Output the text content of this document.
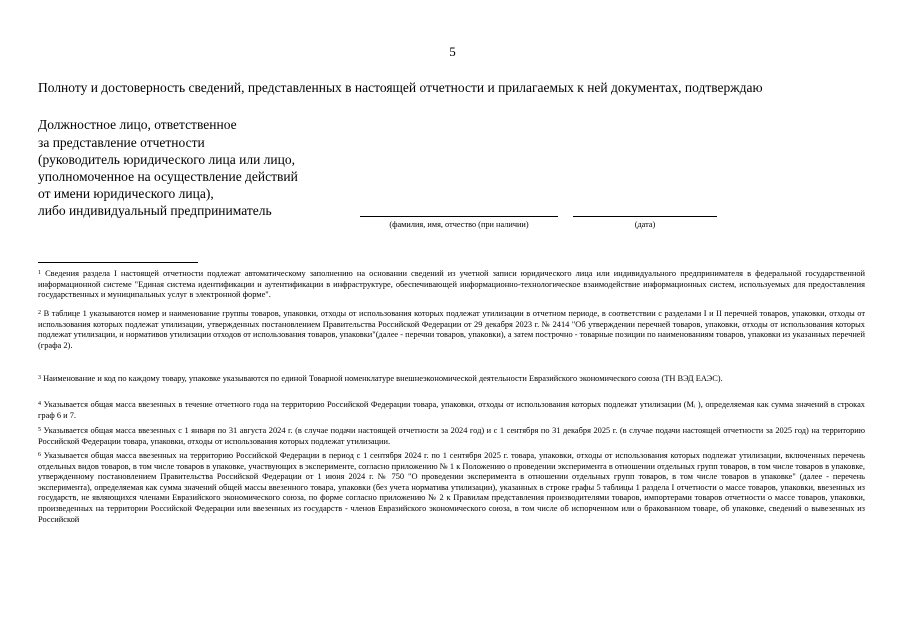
5
Полноту и достоверность сведений, представленных в настоящей отчетности и прилагаемых к ней документах, подтверждаю
Должностное лицо, ответственное
за представление отчетности
(руководитель юридического лица или лицо,
уполномоченное на осуществление действий
от имени юридического лица),
либо индивидуальный предприниматель
(фамилия, имя, отчество (при наличии)	(дата)
$^1$ Сведения раздела I настоящей отчетности подлежат автоматическому заполнению на основании сведений из учетной записи юридического лица или индивидуального предпринимателя в федеральной государственной информационной системе "Единая система идентификации и аутентификации в инфраструктуре, обеспечивающей информационно-технологическое взаимодействие информационных систем, используемых для предоставления государственных и муниципальных услуг в электронной форме".
$^2$ В таблице 1 указываются номер и наименование группы товаров, упаковки, отходы от использования которых подлежат утилизации в отчетном периоде, в соответствии с разделами I и II перечней товаров, упаковки, отходы от использования которых подлежат утилизации, утвержденных постановлением Правительства Российской Федерации от 29 декабря 2023 г. № 2414 "Об утверждении перечней товаров, упаковки, отходы от использования которых подлежат утилизации, и нормативов утилизации отходов от использования товаров, упаковки"(далее - перечни товаров, упаковки), а затем построчно - товарные позиции по наименованиям товаров, упаковки из указанных перечней (графа 2).
$^3$ Наименование и код по каждому товару, упаковке указываются по единой Товарной номенклатуре внешнеэкономической деятельности Евразийского экономического союза (ТН ВЭД ЕАЭС).
$^4$ Указывается общая масса ввезенных в течение отчетного года на территорию Российской Федерации товара, упаковки, отходы от использования которых подлежат утилизации (Mᵢ ), определяемая как сумма значений в строках граф 6 и 7.
$^5$ Указывается общая масса ввезенных с 1 января по 31 августа 2024 г. (в случае подачи настоящей отчетности за 2024 год) и с 1 сентября по 31 декабря 2025 г. (в случае подачи настоящей отчетности за 2025 год) на территорию Российской Федерации товара, упаковки, отходы от использования которых подлежат утилизации.
$^6$ Указывается общая масса ввезенных на территорию Российской Федерации в период с 1 сентября 2024 г. по 1 сентября 2025 г. товара, упаковки, отходы от использования которых подлежат утилизации, включенных перечень отдельных видов товаров, в том числе товаров в упаковке, участвующих в эксперименте, согласно приложению № 1 к Положению о проведении эксперимента в отношении отдельных групп товаров, в том числе товаров в упаковке, утвержденному постановлением Правительства Российской Федерации от 1 июня 2024 г. № 750 "О проведении эксперимента в отношении отдельных групп товаров, в том числе товаров в упаковке" (далее - перечень эксперимента), определяемая как сумма значений общей массы ввезенного товара, упаковки (без учета норматива утилизации), указанных в строке графы 5 таблицы 1 раздела I отчетности о массе товаров, упаковки, ввезенных из государств, не являющихся членами Евразийского экономического союза, по форме согласно приложению № 2 к Правилам представления производителями товаров, импортерами товаров отчетности о массе товаров, упаковки, произведенных на территории Российской Федерации или ввезенных из государств - членов Евразийского экономического союза, в том числе об испорченном или о бракованном товаре, об упаковке, сведений о вывезенных из Российской
